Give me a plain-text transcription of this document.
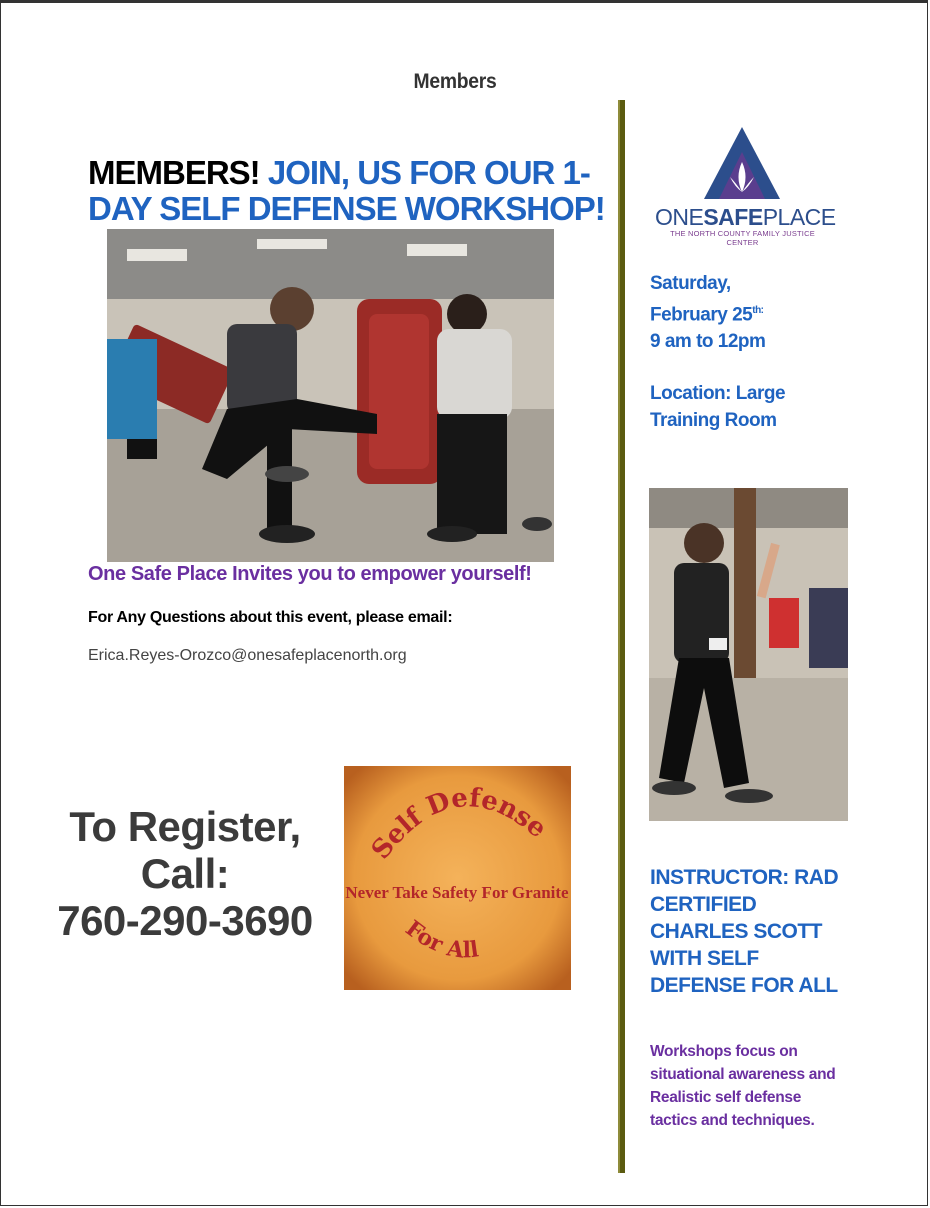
Members
MEMBERS! JOIN, US FOR OUR 1-DAY SELF DEFENSE WORKSHOP!
One Safe Place Invites you to empower yourself!
For Any Questions about this event, please email:
Erica.Reyes-Orozco@onesafeplacenorth.org
To Register,
Call:
760-290-3690
Self Defense
Never Take Safety For Granite
For All
ONESAFEPLACE
THE NORTH COUNTY FAMILY JUSTICE CENTER
Saturday,
February $25^{th:}$
9 am to 12pm
Location: Large
Training Room
INSTRUCTOR: RAD CERTIFIED CHARLES SCOTT WITH SELF DEFENSE FOR ALL
Workshops focus on situational awareness and Realistic self defense tactics and techniques.
